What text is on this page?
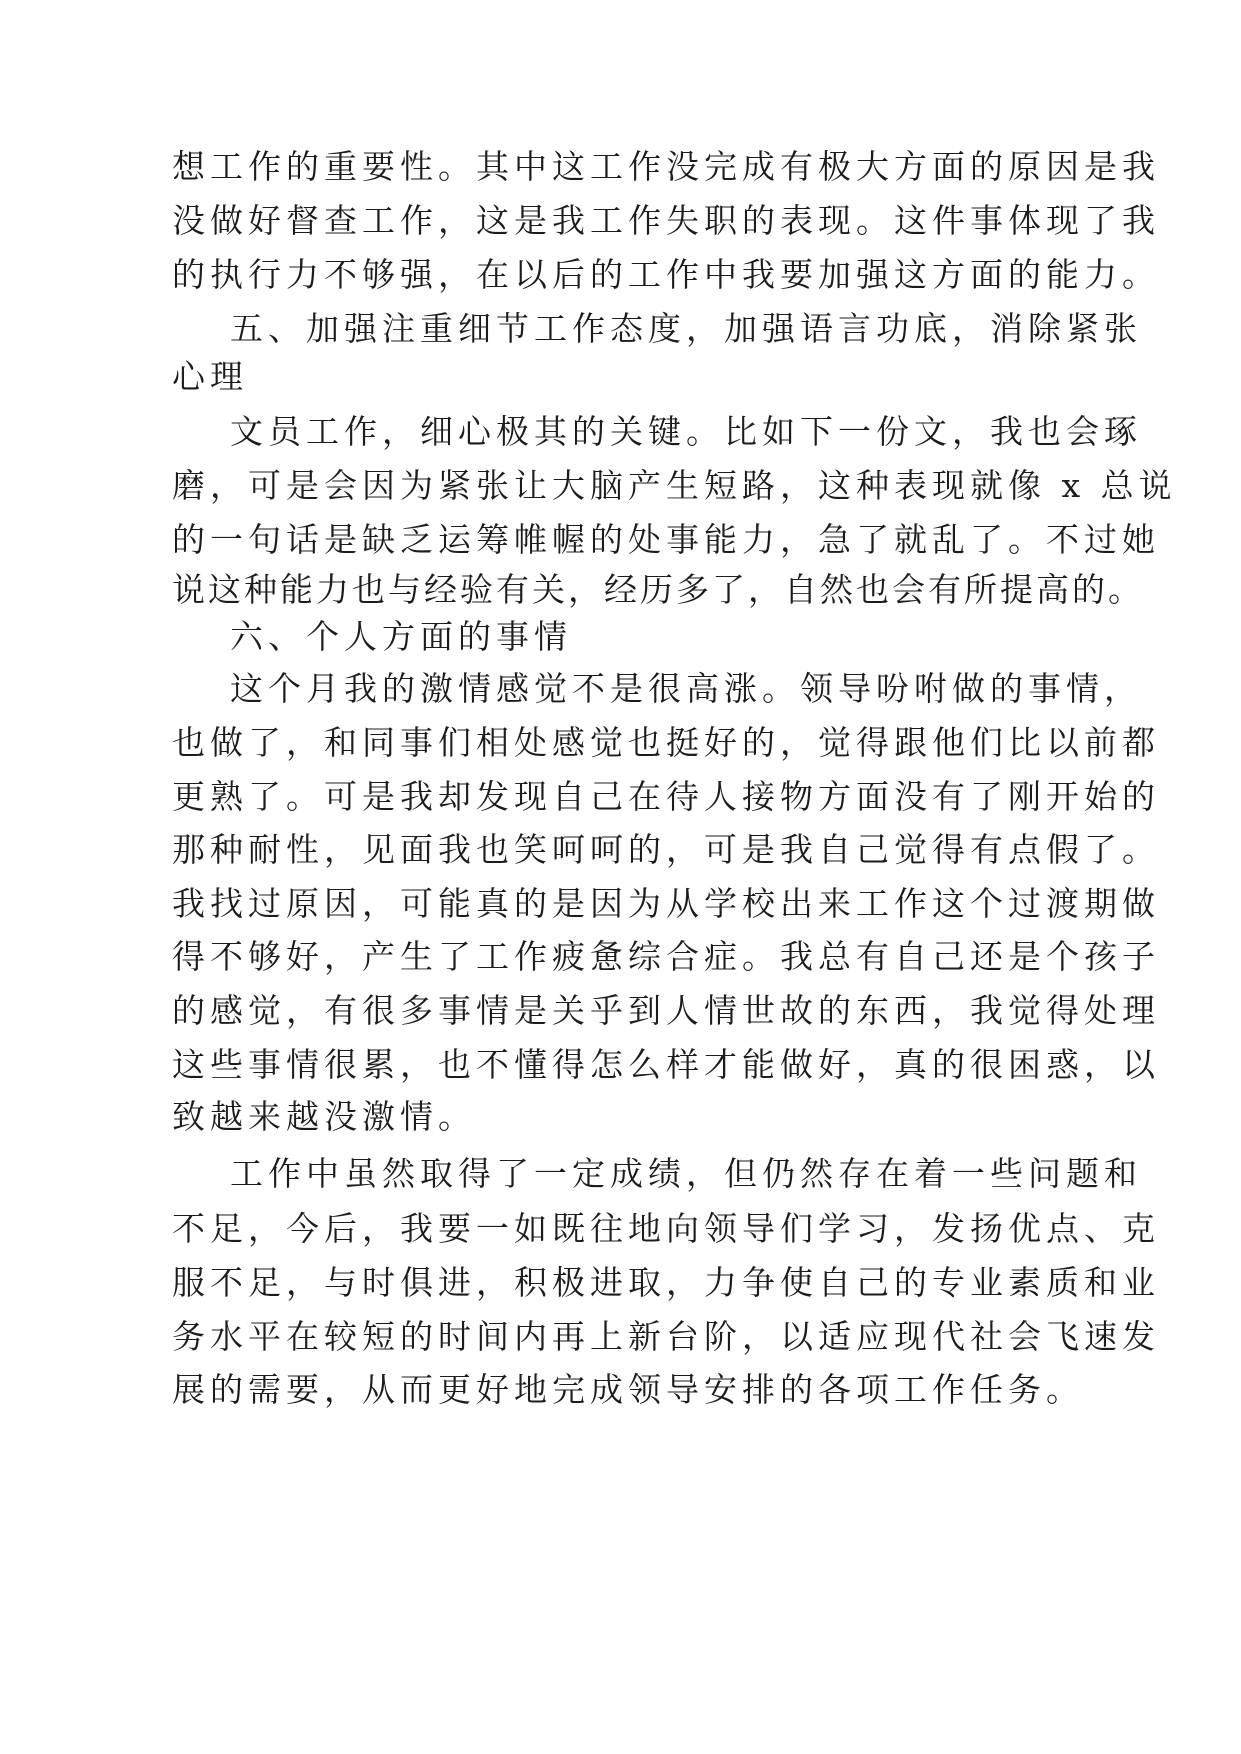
想工作的重要性。其中这工作没完成有极大方面的原因是我
没做好督查工作，这是我工作失职的表现。这件事体现了我
的执行力不够强，在以后的工作中我要加强这方面的能力。
五、加强注重细节工作态度，加强语言功底，消除紧张
心理
文员工作，细心极其的关键。比如下一份文，我也会琢
磨，可是会因为紧张让大脑产生短路，这种表现就像 x 总说
的一句话是缺乏运筹帷幄的处事能力，急了就乱了。不过她
说这种能力也与经验有关，经历多了，自然也会有所提高的。
六、个人方面的事情
这个月我的激情感觉不是很高涨。领导吩咐做的事情，
也做了，和同事们相处感觉也挺好的，觉得跟他们比以前都
更熟了。可是我却发现自己在待人接物方面没有了刚开始的
那种耐性，见面我也笑呵呵的，可是我自己觉得有点假了。
我找过原因，可能真的是因为从学校出来工作这个过渡期做
得不够好，产生了工作疲惫综合症。我总有自己还是个孩子
的感觉，有很多事情是关乎到人情世故的东西，我觉得处理
这些事情很累，也不懂得怎么样才能做好，真的很困惑，以
致越来越没激情。
工作中虽然取得了一定成绩，但仍然存在着一些问题和
不足，今后，我要一如既往地向领导们学习，发扬优点、克
服不足，与时俱进，积极进取，力争使自己的专业素质和业
务水平在较短的时间内再上新台阶，以适应现代社会飞速发
展的需要，从而更好地完成领导安排的各项工作任务。
